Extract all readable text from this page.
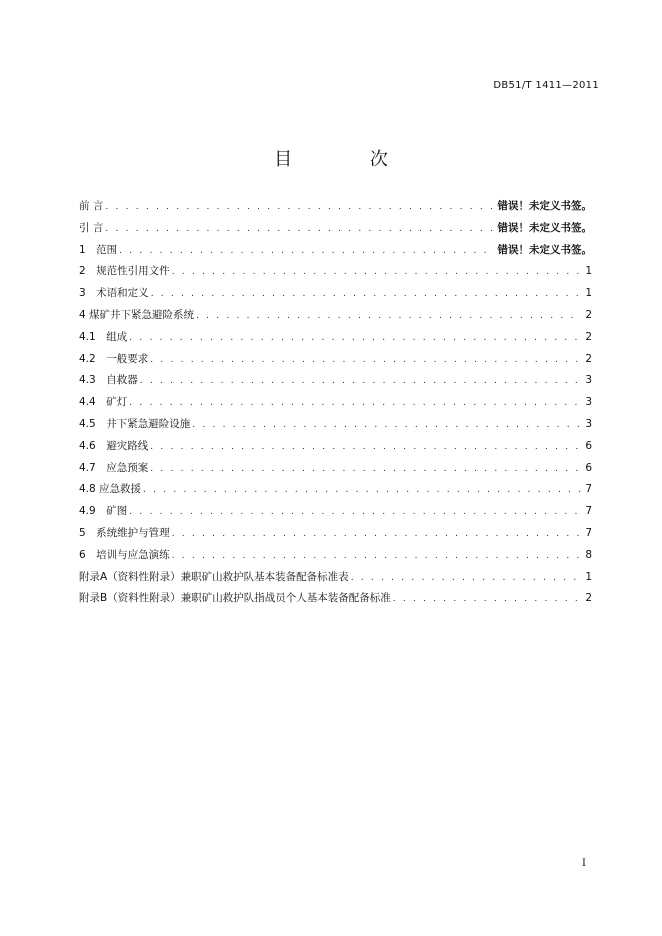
DB51/T 1411—2011
目 次
前 言 . . .	错误！未定义书签。
引 言 . . .	错误！未定义书签。
1　范围 . . .	错误！未定义书签。
2　规范性引用文件 . . .	1
3　术语和定义 . . .	1
4 煤矿井下紧急避险系统 . . .	2
4.1　组成 . . .	2
4.2　一般要求 . . .	2
4.3　自救器 . . .	3
4.4　矿灯 . . .	3
4.5　井下紧急避险设施 . . .	3
4.6　避灾路线 . . .	6
4.7　应急预案 . . .	6
4.8 应急救援 . . .	7
4.9　矿图 . . .	7
5　系统维护与管理 . . .	7
6　培训与应急演练 . . .	8
附录A（资料性附录）兼职矿山救护队基本装备配备标准表 . . .	1
附录B（资料性附录）兼职矿山救护队指战员个人基本装备配备标准 . . .	2
I
